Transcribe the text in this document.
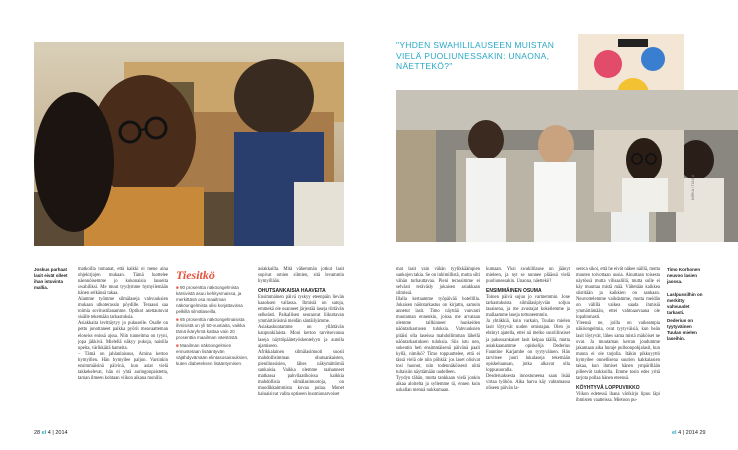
Joskus parhaat lasit eivät olleet ihan istuvinta mallia.

matkoilla tomanat, että kaikki ei mene aina ohjekirjojen mukaan. Tämä luottelee näennöisemme jo kokonaisia lauseita swahiliksi. Me muut tyydymme hymyilemään hänen selkänsä takaa.
Alamme työmme silmälaseja vahvuuksien mukaan ulkoterassin pöydille. Teraassi saa toimia sovitustilanamme. Optikot asettautuvat sisälle tekemään tarkastuksia.
Asiakkaita levittäytyy jo pukuselle. Osalle on pettu jonottaneet paikka pyörii meavaatteman eloseiss enissä ajssa. Niin tunneitma on tyyni, jopa jäkkivä. Mielellä näkyy pukuja, naisilla upeita, värikkäitä hameita.
– Tämä on jahlanlaisuus, Arnina kertoo hymyillen. Hän hymyilee paljon. Varsinkin ensimmäisinä päivinä, kun asiat vielä takkekelevat, hän ei yhtä auringonpaistetta, tarnan ilmeen kohtaan viikon aikana monilla

Tiesitkö
■ 90 prosenttia näköongelmista kärsivistä asuu kehitysmaissa, ja merkittävä osa maailman näköongelmista olisi korjattavissa pelkillä silmälaseilla.
■ 65 prosenttia näköongelmaisista ihmisistä on yli 50-vuotiaita, vaikka tämä ikäryhmä kattaa vain 20 prosenttia maailman väestöstä.
■ Maailman näköongelmien ennustetaan lisääntyvän väjähdyvämään elintasosairauksien, kuten diabeteksen lisääntymisen.

asiakkailla. Mitä vähemmän jotkut lasit sopivat omien silmien, sitä levammin hymyillään.

OHUTSANKAISIA HAAVEITA

Ensimmäinen päivä ryskyy eteenpäin lievän kaaoksen vallassa. Ihmisiä on satoja, emmekä ole osanneet järjestää laseja riittävän selkeästi. Paikallisen seuraavat liikuttavan ymmärtäväsinä meidän säntäilyämme.
Asiakaskuntamme on yllättävän kaupunkilaista. Moni kertoo tarvitsevansa laseja näyttöpäätetyöskentelyyn ja autolla ajamiseen.
Afrikkalainen silmälasimuoti suosii mahdollisimman ohutsankaisten, pienilinssisien, lähes näkymättömiä sankaisia. Vaikka olemme raahanneet matkassa pahvilaatikoissa kaikkia mahdollisia silmälasimuotoja, on muodikkaimmista kovaa pulaa. Monet haluaisivat valita optiseen huomionarvoiset

28 el 4 | 2014
"YHDEN SWAHILILAUSEEN MUISTAN VIELÄ PUOLIUNESSAKIN: UNAONA, NÄETTEKÖ?"
MIRKA / TUULA

mat lasit vain vähän tyylikkäämpien sankojen takia. Se on inhimillistä, mutta silti vähän turhauttavaa. Pieni terassimme ei selvästi teräväsly jokaisen asiakkaan silmissä.
Illalla kertaamme työpäivää hotellilla. Jokaisen näöntarkastus on kirjattu, samoin annetut lasit. Timo näyttää vanvasti muutaman ennenkin, joissa me arvataan olemme tallkinneet hunkeiden näöntarkastusen tuloksia. Vahvuuksien pitäisi olla laseissa mahdollimman lähellä näöntarkastuksen tuloksia. Siis istu nen, sokeutin heti ensimmäisenä päivänä paali kyllä, nimikö? Timo toppuuttelee, että ei tässä vielä ole niin pöhkiä: jos laset olisivat tosi huonot, niin todennäköisesti niitä tultaisiin näyttämään uudelleen.
Tyydyn tähän, mutta tankkaan vielä jonkin aikaa aloitelta ja syllemme tä, ennen kuin uskallan mennä nukkumaan.

kumaan. Yksi swahililause on jäänyt mieleen, ja nyt se nunnee pläässä vielä puoliunessakin. Unaona, näettekö?

ENSIMMÄINEN OSUMA

Toinen päivä sujuu jo varmemmin. Jone tarkastuksista silmälasipiyviän soljuu tasaisena, ja me avustajat kokeilemme ja mallaamme laseja tottuneemmin.
Ja yhtäkkiä, kuin varkain, Tuulan mielen lasit löytyvät uuden omistajan. Olen jo ehtinyt ajatella, ettei nä melko suuriilinsiset ja paksusankaiset lasit kelpaa täällä, mutta asiakkaanamme opiskelija Dederius Fauntine Karjambe on tyytyväinen. Hän tarvitsee juuri lukulaseja tekemään opiskeluansan, jotka alkavat olla loppusuoralla.
Desderuaksesta innostuneena saan lisää virtaa työhön. Aika harva käy vahtamassa oliseen päivän la-

sereca sikoi, että he eivät näkee näillä, mutta muuten toivottaan uusia. Ainuttaan toisesta näytössä mutta vilisaaliilä, mutta sulle ei käy muuttaa mistä mää. Vältetään kaikkea siistitään ja kaikkien on sankaan. Neuvottelemme vaihdamme, mutta meidän on välillä vaikea saada ihmisiä ymmärtämään, ettei vahtoaarvaana ole lopaltomasti.
Yleensä ne, joilla on vaikeampia näköongelmia, ovat tyytyväisiä, kun heän lasit löytyvät, lähes sama mistä mäköiset ne ovat. Ja muutaman kerran joudumme jakamaan aika huraje pulloonpohjalasit, kun muuta ei ole tarjolla. Itäkin pikkuyyttö hymyilee onnellisena suurien kakkalasien takaa, kun ihmiset hänen ympärillään pilleevät tarkkoilla. Emme tosin edes yritä tarjota pollaa hänen eteensä.

KÖYHTYVÄ LOPPUVIIKKO

Viikon edetessä ihana värikirjo lipuu läpi ihmisten vaatteissa. Mietoon pu-

Timo Korhonen neuvoo lasien jaossa.
Laslpussilhin on merkitty vahvuudet tarkasti.
Dederius on tyytyväinen Tuulan mielen laseihin.
el 4 | 2014 29
